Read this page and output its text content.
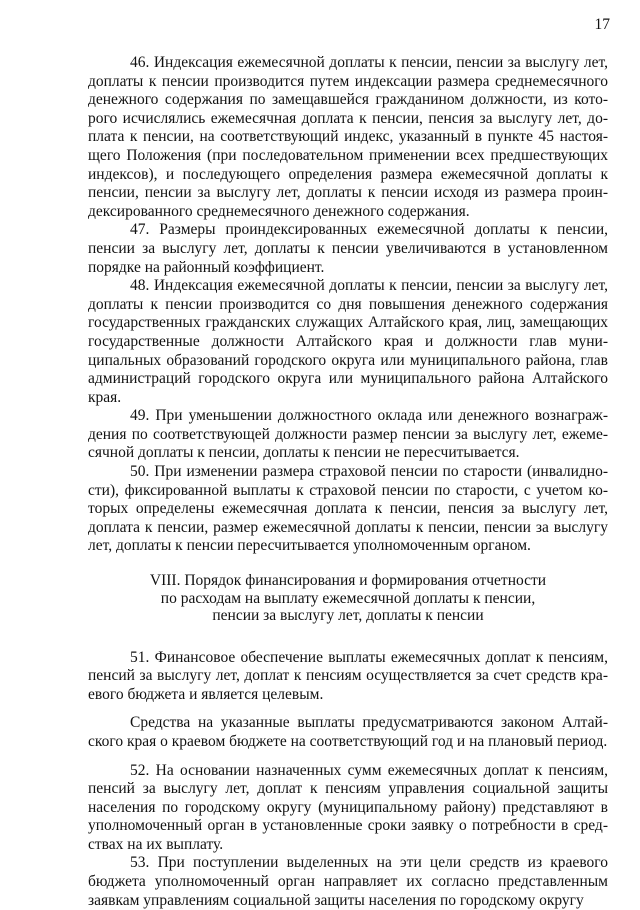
17

46. Индексация ежемесячной доплаты к пенсии, пенсии за выслугу лет, доплаты к пенсии производится путем индексации размера среднемесячного денежного содержания по замещавшейся гражданином должности, из которого исчислялись ежемесячная доплата к пенсии, пенсия за выслугу лет, доплата к пенсии, на соответствующий индекс, указанный в пункте 45 настоящего Положения (при последовательном применении всех предшествующих индексов), и последующего определения размера ежемесячной доплаты к пенсии, пенсии за выслугу лет, доплаты к пенсии исходя из размера проиндексированного среднемесячного денежного содержания.

47. Размеры проиндексированных ежемесячной доплаты к пенсии, пенсии за выслугу лет, доплаты к пенсии увеличиваются в установленном порядке на районный коэффициент.

48. Индексация ежемесячной доплаты к пенсии, пенсии за выслугу лет, доплаты к пенсии производится со дня повышения денежного содержания государственных гражданских служащих Алтайского края, лиц, замещающих государственные должности Алтайского края и должности глав муниципальных образований городского округа или муниципального района, глав администраций городского округа или муниципального района Алтайского края.

49. При уменьшении должностного оклада или денежного вознаграждения по соответствующей должности размер пенсии за выслугу лет, ежемесячной доплаты к пенсии, доплаты к пенсии не пересчитывается.

50. При изменении размера страховой пенсии по старости (инвалидности), фиксированной выплаты к страховой пенсии по старости, с учетом которых определены ежемесячная доплата к пенсии, пенсия за выслугу лет, доплата к пенсии, размер ежемесячной доплаты к пенсии, пенсии за выслугу лет, доплаты к пенсии пересчитывается уполномоченным органом.

VIII. Порядок финансирования и формирования отчетности
по расходам на выплату ежемесячной доплаты к пенсии,
пенсии за выслугу лет, доплаты к пенсии

51. Финансовое обеспечение выплаты ежемесячных доплат к пенсиям, пенсий за выслугу лет, доплат к пенсиям осуществляется за счет средств краевого бюджета и является целевым.

Средства на указанные выплаты предусматриваются законом Алтайского края о краевом бюджете на соответствующий год и на плановый период.

52. На основании назначенных сумм ежемесячных доплат к пенсиям, пенсий за выслугу лет, доплат к пенсиям управления социальной защиты населения по городскому округу (муниципальному району) представляют в уполномоченный орган в установленные сроки заявку о потребности в средствах на их выплату.

53. При поступлении выделенных на эти цели средств из краевого бюджета уполномоченный орган направляет их согласно представленным заявкам управлениям социальной защиты населения по городскому округу
